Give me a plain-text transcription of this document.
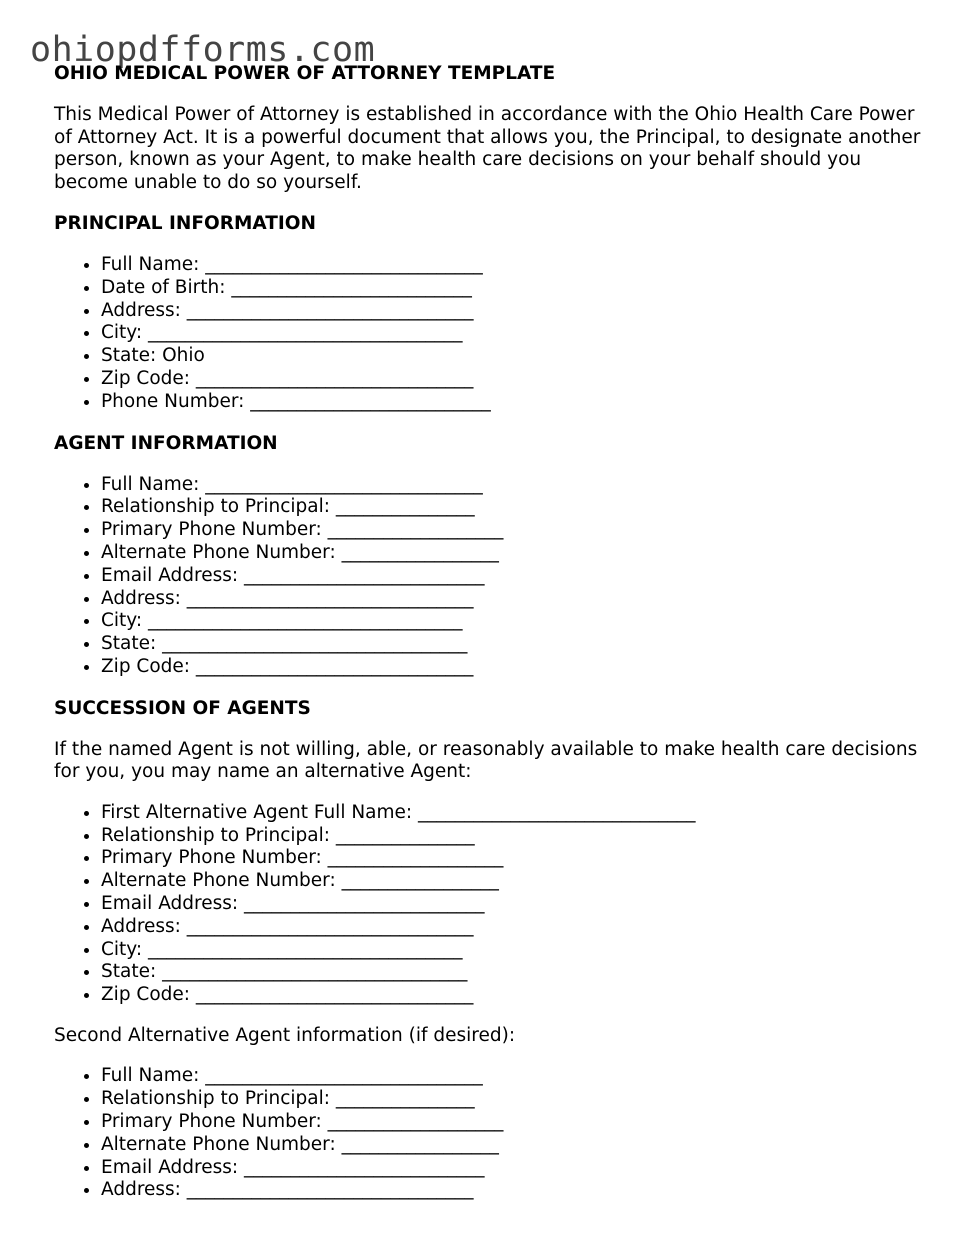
ohiopdfforms.com
OHIO MEDICAL POWER OF ATTORNEY TEMPLATE

This Medical Power of Attorney is established in accordance with the Ohio Health Care Power of Attorney Act. It is a powerful document that allows you, the Principal, to designate another person, known as your Agent, to make health care decisions on your behalf should you become unable to do so yourself.

PRINCIPAL INFORMATION
• Full Name: ______________________________
• Date of Birth: __________________________
• Address: _______________________________
• City: __________________________________
• State: Ohio
• Zip Code: ______________________________
• Phone Number: __________________________
AGENT INFORMATION
• Full Name: ______________________________
• Relationship to Principal: _______________
• Primary Phone Number: ___________________
• Alternate Phone Number: _________________
• Email Address: __________________________
• Address: _______________________________
• City: __________________________________
• State: _________________________________
• Zip Code: ______________________________
SUCCESSION OF AGENTS

If the named Agent is not willing, able, or reasonably available to make health care decisions for you, you may name an alternative Agent:

• First Alternative Agent Full Name: ______________________________
• Relationship to Principal: _______________
• Primary Phone Number: ___________________
• Alternate Phone Number: _________________
• Email Address: __________________________
• Address: _______________________________
• City: __________________________________
• State: _________________________________
• Zip Code: ______________________________

Second Alternative Agent information (if desired):

• Full Name: ______________________________
• Relationship to Principal: _______________
• Primary Phone Number: ___________________
• Alternate Phone Number: _________________
• Email Address: __________________________
• Address: _______________________________
